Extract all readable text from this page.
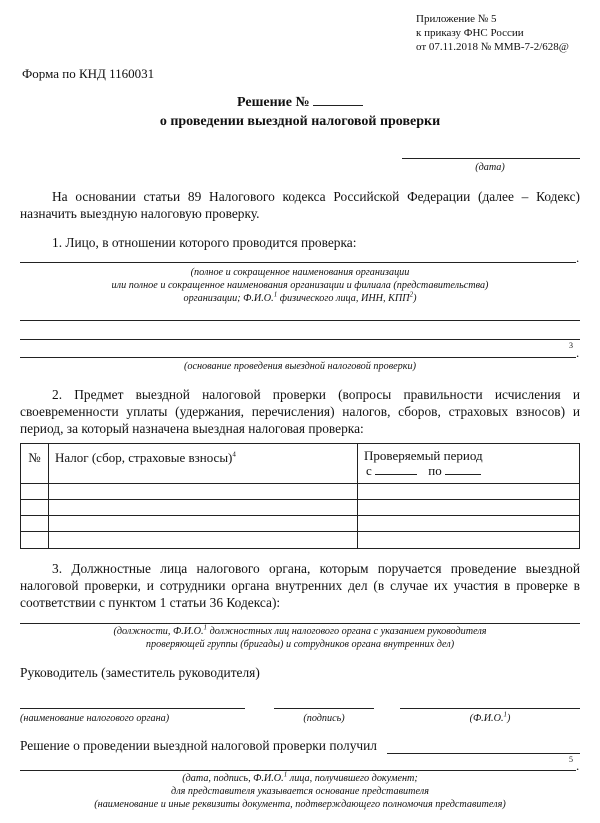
Приложение № 5
к приказу ФНС России
от 07.11.2018 № ММВ-7-2/628@
Форма по КНД 1160031
Решение №
о проведении выездной налоговой проверки
(дата)
На основании статьи 89 Налогового кодекса Российской Федерации (далее – Кодекс) назначить выездную налоговую проверку.
1. Лицо, в отношении которого проводится проверка:
.
(полное и сокращенное наименования организации
или полное и сокращенное наименования организации и филиала (представительства)
организации; Ф.И.О.$^1$ физического лица, ИНН, КПП$^2$)
3 .
(основание проведения выездной налоговой проверки)
2. Предмет выездной налоговой проверки (вопросы правильности исчисления и своевременности уплаты (удержания, перечисления) налогов, сборов, страховых взносов) и период, за который назначена выездная налоговая проверка:
№	Налог (сбор, страховые взносы)$^4$	Проверяемый период
с по

3. Должностные лица налогового органа, которым поручается проведение выездной налоговой проверки, и сотрудники органа внутренних дел (в случае их участия в проверке в соответствии с пунктом 1 статьи 36 Кодекса):
(должности, Ф.И.О.$^1$ должностных лиц налогового органа с указанием руководителя
проверяющей группы (бригады) и сотрудников органа внутренних дел)
Руководитель (заместитель руководителя)
(наименование налогового органа)	(подпись)	(Ф.И.О.$^1$)
Решение о проведении выездной налоговой проверки получил
5 .
(дата, подпись, Ф.И.О.$^1$ лица, получившего документ;
для представителя указывается основание представителя
(наименование и иные реквизиты документа, подтверждающего полномочия представителя)
